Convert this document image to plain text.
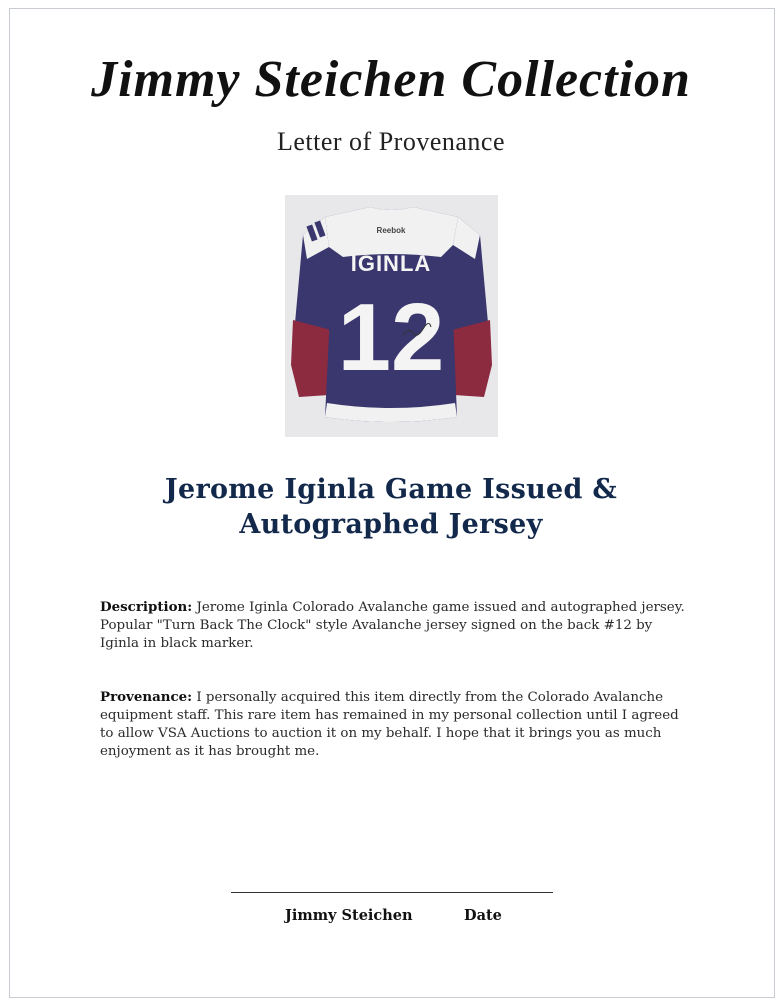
Jimmy Steichen Collection
Letter of Provenance
Reebok
IGINLA
12
Jerome Iginla Game Issued & Autographed Jersey

Description: Jerome Iginla Colorado Avalanche game issued and autographed jersey. Popular "Turn Back The Clock" style Avalanche jersey signed on the back #12 by Iginla in black marker.

Provenance: I personally acquired this item directly from the Colorado Avalanche equipment staff. This rare item has remained in my personal collection until I agreed to allow VSA Auctions to auction it on my behalf. I hope that it brings you as much enjoyment as it has brought me.

Jimmy Steichen	Date
